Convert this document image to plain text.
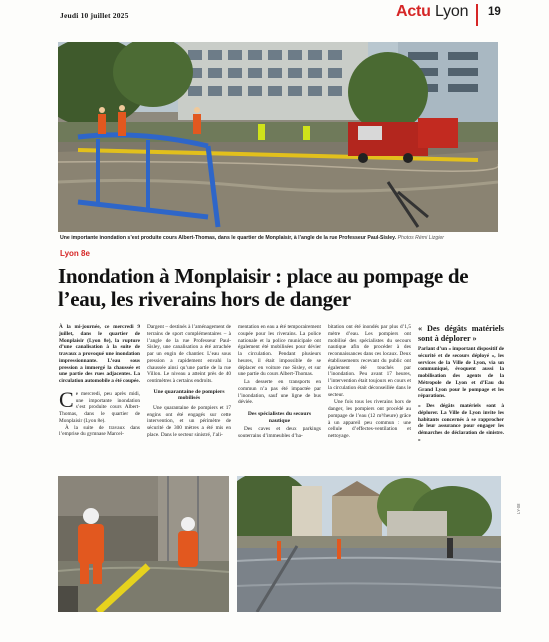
Jeudi 10 juillet 2025	Actu Lyon 19
Une importante inondation s’est produite cours Albert-Thomas, dans le quartier de Monplaisir, à l’angle de la rue Professeur Paul-Sisley. Photos Rémi Lizgier
Lyon 8e
Inondation à Monplaisir : place au pompage de l’eau, les riverains hors de danger

À la mi-journée, ce mercredi 9 juillet, dans le quartier de Monplaisir (Lyon 8e), la rupture d’une canalisation à la suite de travaux a provoqué une inondation impressionnante. L’eau sous pression a immergé la chaussée et une partie des rues adjacentes. La circulation automobile a été coupée.

Ce mercredi, peu après midi, une importante inondation s’est produite cours Albert-Thomas, dans le quartier de Monplaisir (Lyon 8e).

À la suite de travaux dans l’emprise du gymnase Marcel-

Dargent – destinés à l’aménagement de terrains de sport complémentaires – à l’angle de la rue Professeur Paul-Sisley, une canalisation a été arrachée par un engin de chantier. L’eau sous pression a rapidement envahi la chaussée ainsi qu’une partie de la rue Villon. Le niveau a atteint près de 40 centimètres à certains endroits.

Une quarantaine de pompiers mobilisés

Une quarantaine de pompiers et 17 engins ont été engagés sur cette intervention, et un périmètre de sécurité de 300 mètres a été mis en place. Dans le secteur sinistré, l’ali-

mentation en eau a été temporairement coupée pour les riverains. La police nationale et la police municipale ont également été mobilisées pour dévier la circulation. Pendant plusieurs heures, il était impossible de se déplacer en voiture rue Sisley, et sur une partie du cours Albert-Thomas.

La desserte en transports en commun n’a pas été impactée par l’inondation, sauf une ligne de bus déviée.

Des spécialistes du secours nautique

Des caves et deux parkings souterrains d’immeubles d’ha-

bitation ont été inondés par plus d’1,5 mètre d’eau. Les pompiers ont mobilisé des spécialistes du secours nautique afin de procéder à des reconnaissances dans ces locaux. Deux établissements recevant du public ont également été touchés par l’inondation. Peu avant 17 heures, l’intervention était toujours en cours et la circulation était déconseillée dans le secteur.

Une fois tous les riverains hors de danger, les pompiers ont procédé au pompage de l’eau (12 m³/heure) grâce à un appareil peu commun : une cellule d’effectes-ventilation et nettoyage.

« Des dégâts matériels sont à déplorer »

Parlant d’un « important dispositif de sécurité et de secours déployé », les services de la Ville de Lyon, via un communiqué, évoquent aussi la mobilisation des agents de la Métropole de Lyon et d’Eau du Grand Lyon pour le pompage et les réparations.

« Des dégâts matériels sont à déplorer. La Ville de Lyon invite les habitants concernés à se rapprocher de leur assurance pour engager les démarches de déclaration de sinistre. »

LY-08
